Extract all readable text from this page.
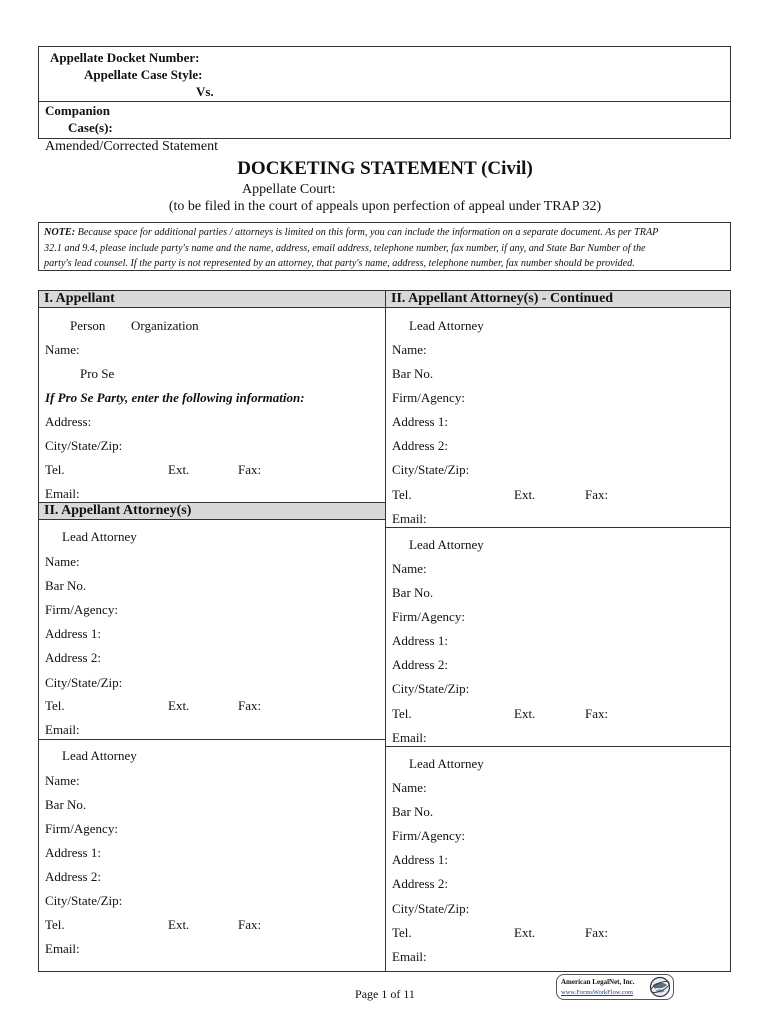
Appellate Docket Number:
Appellate Case Style:
Vs.
Companion
Case(s):
Amended/Corrected Statement
DOCKETING STATEMENT (Civil)
Appellate Court:
(to be filed in the court of appeals upon perfection of appeal under TRAP 32)
NOTE: Because space for additional parties / attorneys is limited on this form, you can include the information on a separate document. As per TRAP
32.1 and 9.4, please include party's name and the name, address, email address, telephone number, fax number, if any, and State Bar Number of the
party's lead counsel. If the party is not represented by an attorney, that party's name, address, telephone number, fax number should be provided.
I. Appellant	II. Appellant Attorney(s) - Continued
II. Appellant Attorney(s)
Person Organization
Name:
Pro Se
If Pro Se Party, enter the following information:
Address:
City/State/Zip:
Tel.	Ext.	Fax:
Email:
Lead Attorney
Name:
Bar No.
Firm/Agency:
Address 1:
Address 2:
City/State/Zip:
Tel.	Ext.	Fax:
Email:
Lead Attorney
Name:
Bar No.
Firm/Agency:
Address 1:
Address 2:
City/State/Zip:
Tel.	Ext.	Fax:
Email:
Lead Attorney
Name:
Bar No.
Firm/Agency:
Address 1:
Address 2:
City/State/Zip:
Tel.	Ext.	Fax:
Email:
Lead Attorney
Name:
Bar No.
Firm/Agency:
Address 1:
Address 2:
City/State/Zip:
Tel.	Ext.	Fax:
Email:
Lead Attorney
Name:
Bar No.
Firm/Agency:
Address 1:
Address 2:
City/State/Zip:
Tel.	Ext.	Fax:
Email:
Page 1 of 11
American LegalNet, Inc.
www.FormsWorkFlow.com
